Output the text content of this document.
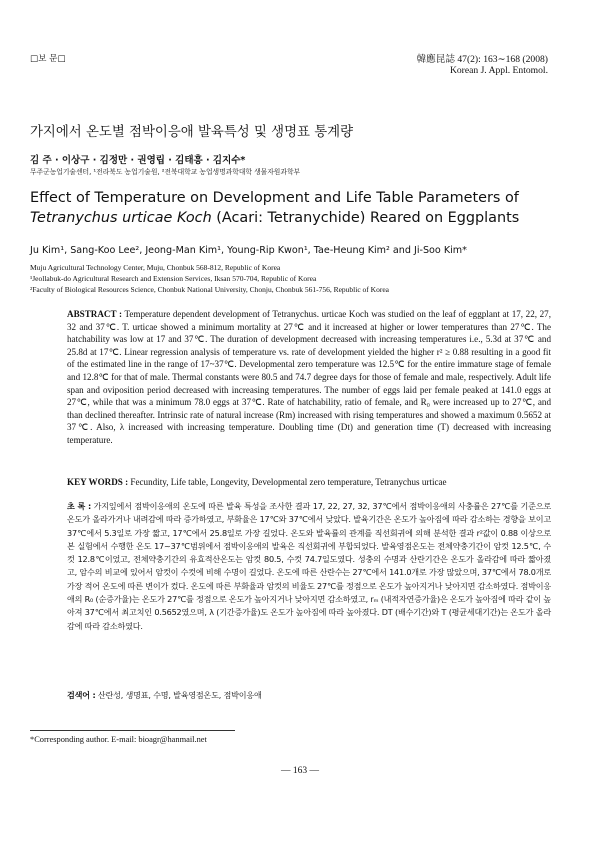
□보 문□	韓應昆誌 47(2): 163∼168 (2008)
Korean J. Appl. Entomol.
가지에서 온도별 점박이응애 발육특성 및 생명표 통계량
김 주 · 이상구 · 김정만 · 권영립 · 김태흥 · 김지수*
무주군농업기술센터, ¹전라북도 농업기술원, ²전북대학교 농업생명과학대학 생물자원과학부
Effect of Temperature on Development and Life Table Parameters of
Tetranychus urticae Koch (Acari: Tetranychide) Reared on Eggplants
Ju Kim¹, Sang-Koo Lee², Jeong-Man Kim¹, Young-Rip Kwon¹, Tae-Heung Kim² and Ji-Soo Kim*
Muju Agricultural Technology Center, Muju, Chonbuk 568-812, Republic of Korea
¹Jeollabuk-do Agricultural Research and Extension Services, Iksan 570-704, Republic of Korea
²Faculty of Biological Resources Science, Chonbuk National University, Chonju, Chonbuk 561-756, Republic of Korea
ABSTRACT : Temperature dependent development of Tetranychus. urticae Koch was studied on the leaf of eggplant at 17, 22, 27, 32 and 37℃. T. urticae showed a minimum mortality at 27℃ and it increased at higher or lower temperatures than 27℃. The hatchability was low at 17 and 37℃. The duration of development decreased with increasing temperatures i.e., 5.3d at 37℃ and 25.8d at 17℃. Linear regression analysis of temperature vs. rate of development yielded the higher r² ≥ 0.88 resulting in a good fit of the estimated line in the range of 17~37℃. Developmental zero temperature was 12.5℃ for the entire immature stage of female and 12.8℃ for that of male. Thermal constants were 80.5 and 74.7 degree days for those of female and male, respectively. Adult life span and oviposition period decreased with increasing temperatures. The number of eggs laid per female peaked at 141.0 eggs at 27℃, while that was a minimum 78.0 eggs at 37℃. Rate of hatchability, ratio of female, and R₀ were increased up to 27℃, and than declined thereafter. Intrinsic rate of natural increase (Rm) increased with rising temperatures and showed a maximum 0.5652 at 37℃. Also, λ increased with increasing temperature. Doubling time (Dt) and generation time (T) decreased with increasing temperature.
KEY WORDS : Fecundity, Life table, Longevity, Developmental zero temperature, Tetranychus urticae
초 록 : 가지잎에서 점박이응애의 온도에 따른 발육 특성을 조사한 결과 17, 22, 27, 32, 37℃에서 점박이응애의 사충률은 27℃를 기준으로 온도가 올라가거나 내려감에 따라 증가하였고, 부화율은 17℃와 37℃에서 낮았다. 발육기간은 온도가 높아짐에 따라 감소하는 경향을 보이고 37℃에서 5.3일로 가장 짧고, 17℃에서 25.8일로 가장 길었다. 온도와 발육률의 관계를 직선회귀에 의해 분석한 결과 r²값이 0.88 이상으로 본 실험에서 수행한 온도 17~37℃범위에서 점박이응애의 발육은 직선회귀에 부합되었다. 발육영점온도는 전체약충기간이 암컷 12.5℃, 수컷 12.8℃이었고, 전체약충기간의 유효적산온도는 암컷 80.5, 수컷 74.7일도였다. 성충의 수명과 산란기간은 온도가 올라감에 따라 짧아졌고, 암수의 비교에 있어서 암컷이 수컷에 비해 수명이 길었다. 온도에 따른 산란수는 27℃에서 141.0개로 가장 많았으며, 37℃에서 78.0개로 가장 적어 온도에 따른 변이가 컸다. 온도에 따른 부화율과 암컷의 비율도 27℃를 정점으로 온도가 높아지거나 낮아지면 감소하였다. 점박이응애의 R₀ (순증가율)는 온도가 27℃를 정점으로 온도가 높아지거나 낮아지면 감소하였고, rₘ (내적자연증가율)은 온도가 높아짐에 따라 같이 높아져 37℃에서 최고치인 0.5652였으며, λ (기간증가율)도 온도가 높아짐에 따라 높아졌다. DT (배수기간)와 T (평균세대기간)는 온도가 올라감에 따라 감소하였다.
검색어 : 산란성, 생명표, 수명, 발육영점온도, 점박이응애
*Corresponding author. E-mail: bioagr@hanmail.net
— 163 —
